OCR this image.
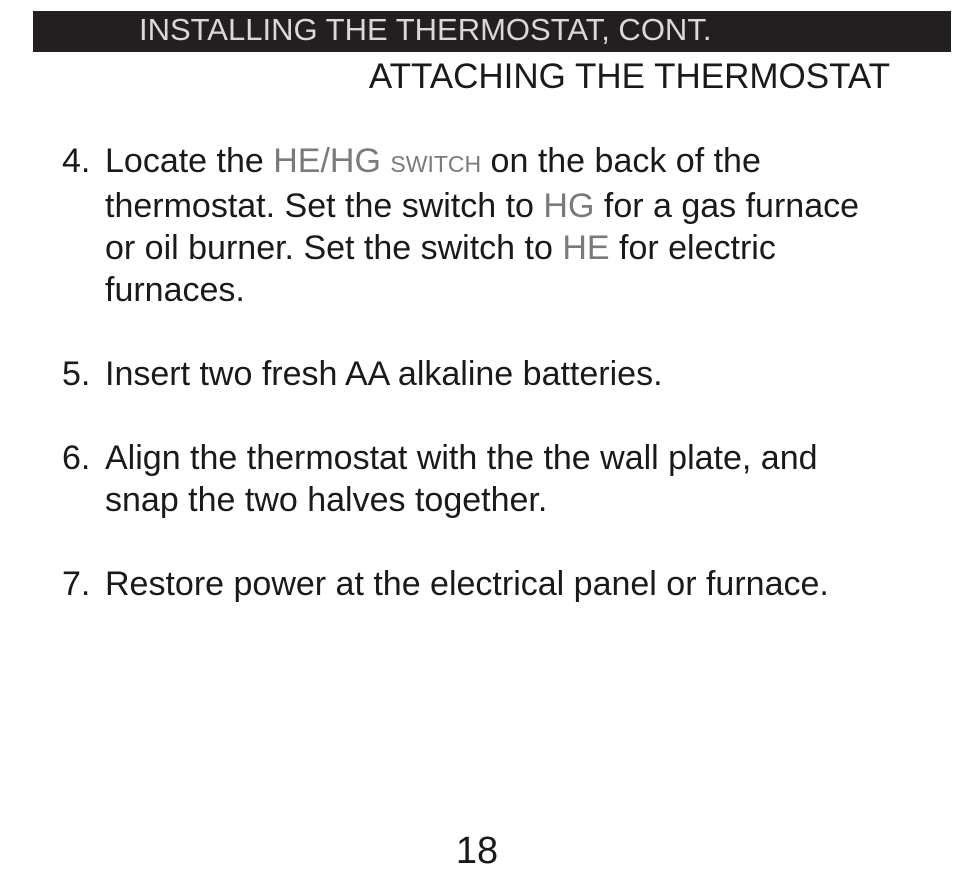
INSTALLING THE THERMOSTAT, CONT.
ATTACHING THE THERMOSTAT
4. Locate the HE/HG SWITCH on the back of the thermostat. Set the switch to HG for a gas furnace or oil burner. Set the switch to HE for electric furnaces.
5. Insert two fresh AA alkaline batteries.
6. Align the thermostat with the the wall plate, and snap the two halves together.
7. Restore power at the electrical panel or furnace.
18
